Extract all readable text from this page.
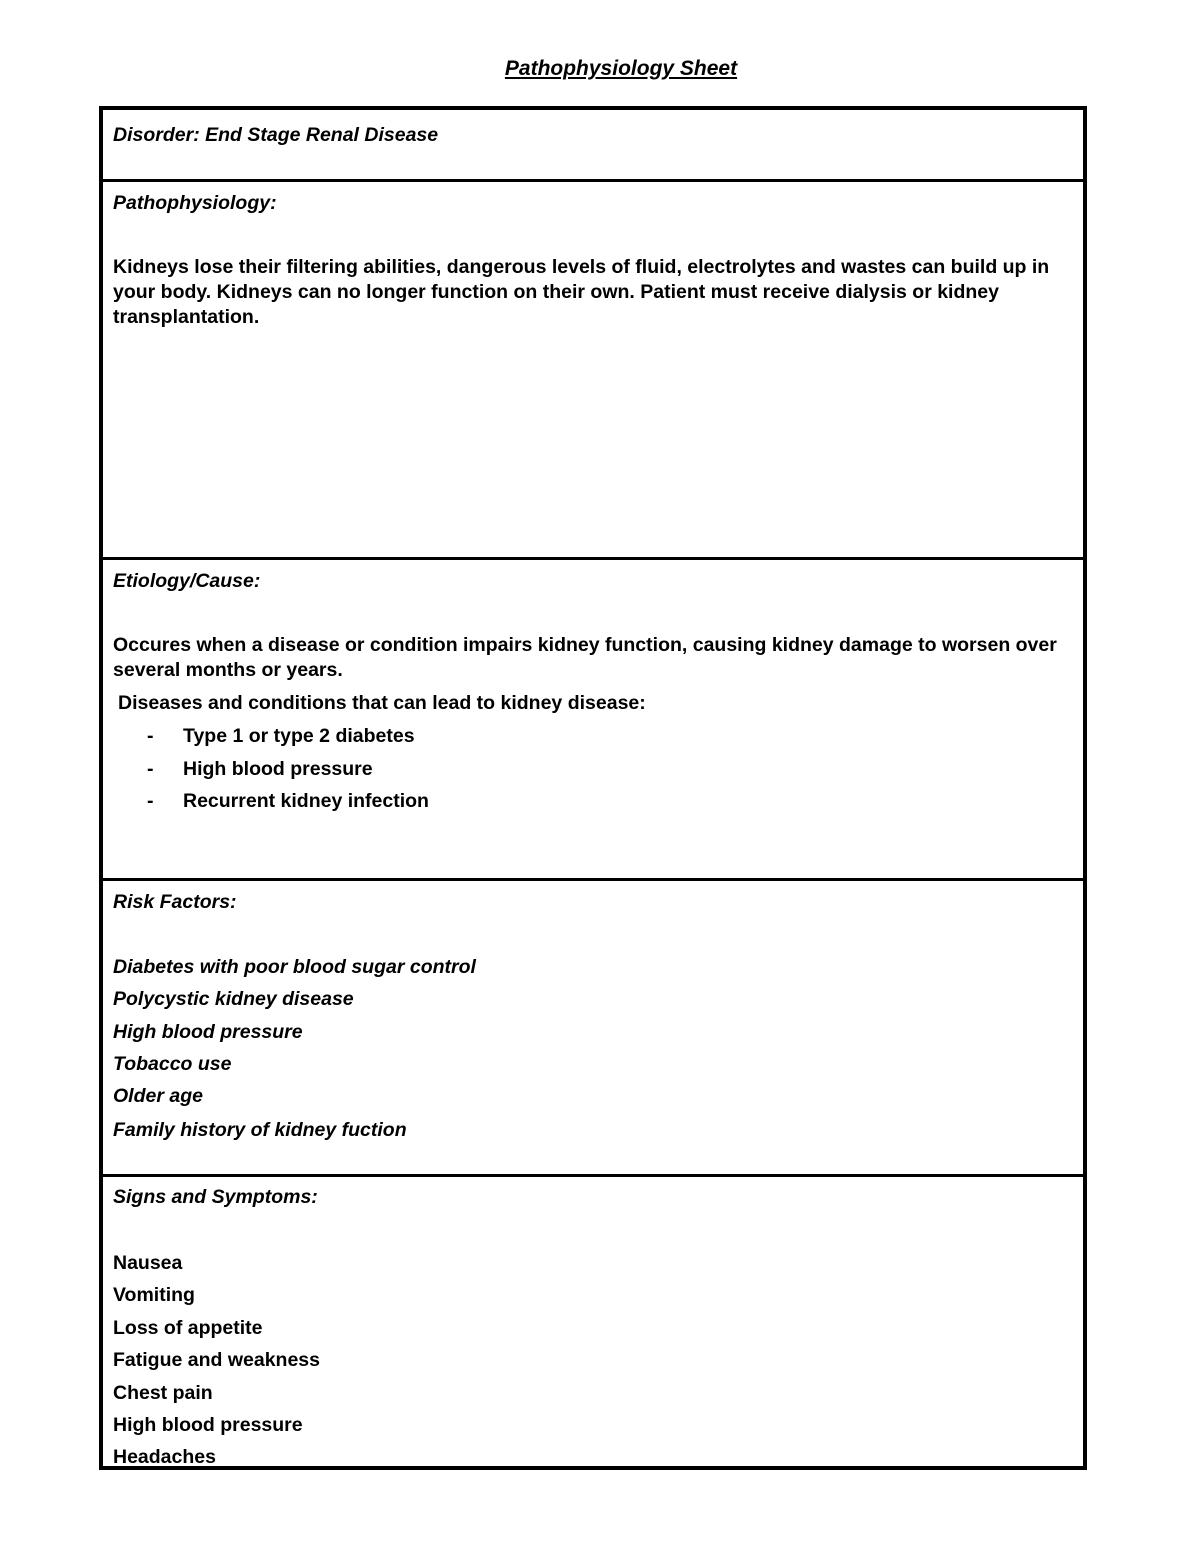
Pathophysiology Sheet
Disorder: End Stage Renal Disease
Pathophysiology:
Kidneys lose their filtering abilities, dangerous levels of fluid, electrolytes and wastes can build up in your body. Kidneys can no longer function on their own. Patient must receive dialysis or kidney transplantation.
Etiology/Cause:
Occures when a disease or condition impairs kidney function, causing kidney damage to worsen over several months or years.
Diseases and conditions that can lead to kidney disease:
- Type 1 or type 2 diabetes
- High blood pressure
- Recurrent kidney infection
Risk Factors:
Diabetes with poor blood sugar control
Polycystic kidney disease
High blood pressure
Tobacco use
Older age
Family history of kidney fuction
Signs and Symptoms:
Nausea
Vomiting
Loss of appetite
Fatigue and weakness
Chest pain
High blood pressure
Headaches
